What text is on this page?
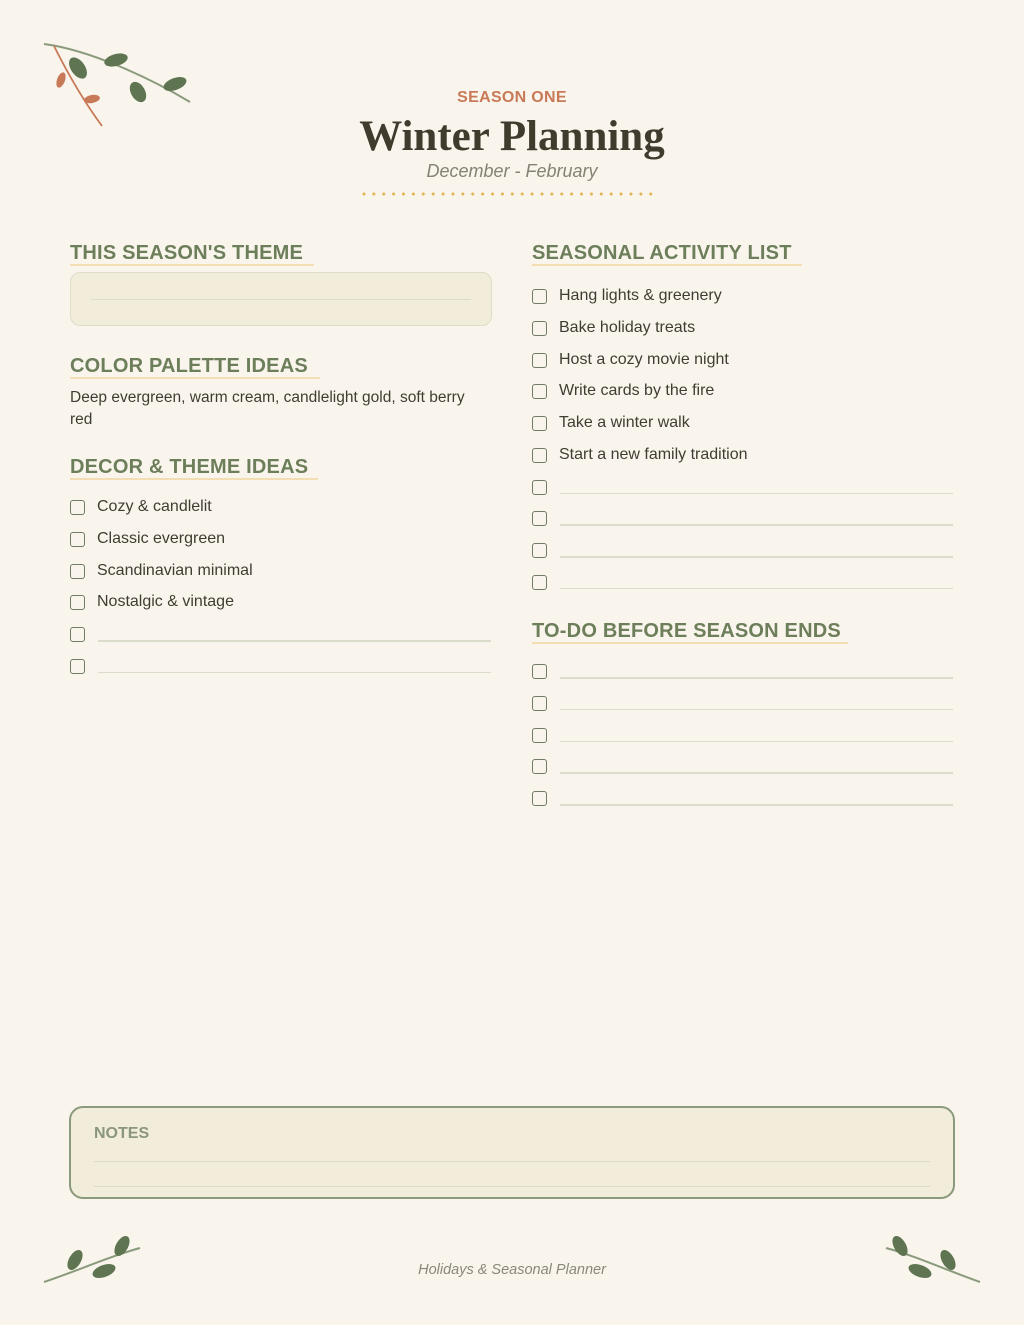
SEASON ONE
Winter Planning
December - February
THIS SEASON'S THEME
COLOR PALETTE IDEAS
Deep evergreen, warm cream, candlelight gold, soft berry red
DECOR & THEME IDEAS
Cozy & candlelit
Classic evergreen
Scandinavian minimal
Nostalgic & vintage
SEASONAL ACTIVITY LIST
Hang lights & greenery
Bake holiday treats
Host a cozy movie night
Write cards by the fire
Take a winter walk
Start a new family tradition
TO-DO BEFORE SEASON ENDS
NOTES
Holidays & Seasonal Planner
